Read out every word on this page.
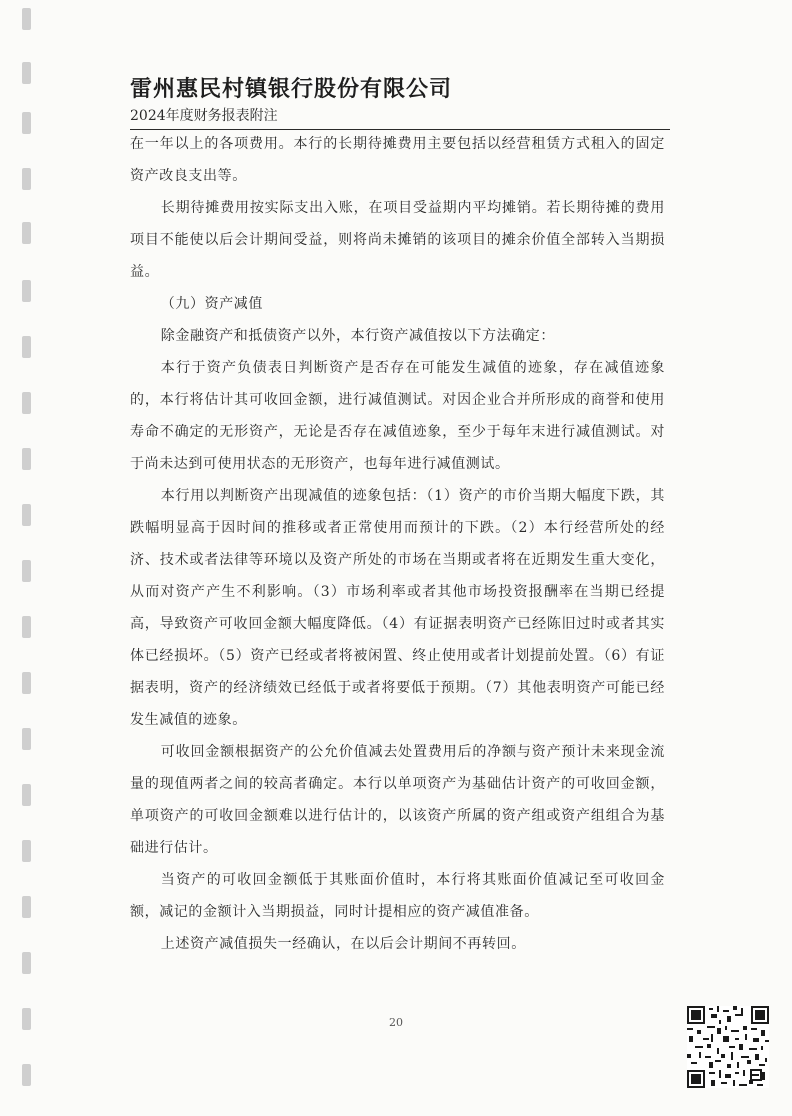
雷州惠民村镇银行股份有限公司
2024年度财务报表附注

在一年以上的各项费用。本行的长期待摊费用主要包括以经营租赁方式租入的固定资产改良支出等。

长期待摊费用按实际支出入账，在项目受益期内平均摊销。若长期待摊的费用项目不能使以后会计期间受益，则将尚未摊销的该项目的摊余价值全部转入当期损益。

（九）资产减值

除金融资产和抵债资产以外，本行资产减值按以下方法确定：

本行于资产负债表日判断资产是否存在可能发生减值的迹象，存在减值迹象的，本行将估计其可收回金额，进行减值测试。对因企业合并所形成的商誉和使用寿命不确定的无形资产，无论是否存在减值迹象，至少于每年末进行减值测试。对于尚未达到可使用状态的无形资产，也每年进行减值测试。

本行用以判断资产出现减值的迹象包括：（1）资产的市价当期大幅度下跌，其跌幅明显高于因时间的推移或者正常使用而预计的下跌。（2）本行经营所处的经济、技术或者法律等环境以及资产所处的市场在当期或者将在近期发生重大变化，从而对资产产生不利影响。（3）市场利率或者其他市场投资报酬率在当期已经提高，导致资产可收回金额大幅度降低。（4）有证据表明资产已经陈旧过时或者其实体已经损坏。（5）资产已经或者将被闲置、终止使用或者计划提前处置。（6）有证据表明，资产的经济绩效已经低于或者将要低于预期。（7）其他表明资产可能已经发生减值的迹象。

可收回金额根据资产的公允价值减去处置费用后的净额与资产预计未来现金流量的现值两者之间的较高者确定。本行以单项资产为基础估计资产的可收回金额，单项资产的可收回金额难以进行估计的，以该资产所属的资产组或资产组组合为基础进行估计。

当资产的可收回金额低于其账面价值时，本行将其账面价值减记至可收回金额，减记的金额计入当期损益，同时计提相应的资产减值准备。

上述资产减值损失一经确认，在以后会计期间不再转回。

20
